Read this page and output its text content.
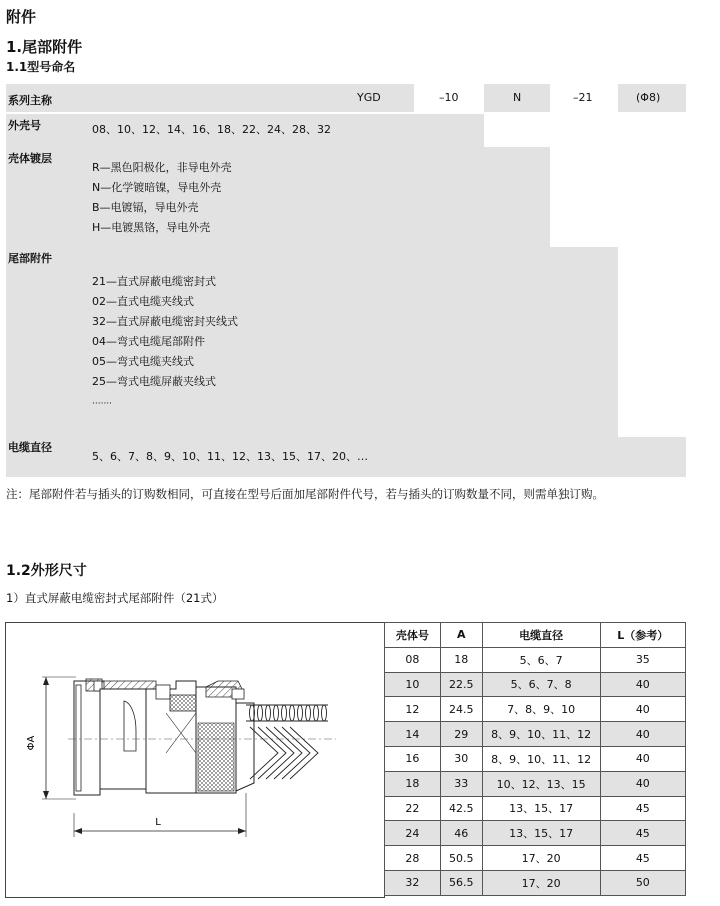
附件
1.尾部附件
1.1型号命名
系列主称	YGD	–10	N	–21	(Φ8)
外壳号	08、10、12、14、16、18、22、24、28、32
壳体镀层
R—黑色阳极化，非导电外壳
N—化学镀暗镍，导电外壳
B—电镀镉，导电外壳
H—电镀黑铬，导电外壳
尾部附件
21—直式屏蔽电缆密封式
02—直式电缆夹线式
32—直式屏蔽电缆密封夹线式
04—弯式电缆尾部附件
05—弯式电缆夹线式
25—弯式电缆屏蔽夹线式
·······
电缆直径
5、6、7、8、9、10、11、12、13、15、17、20、…
注：尾部附件若与插头的订购数相同，可直接在型号后面加尾部附件代号，若与插头的订购数量不同，则需单独订购。
1.2外形尺寸
1）直式屏蔽电缆密封式尾部附件（21式）
ΦA
L
壳体号	A	电缆直径	L（参考）
08	18	5、6、7	35
10	22.5	5、6、7、8	40
12	24.5	7、8、9、10	40
14	29	8、9、10、11、12	40
16	30	8、9、10、11、12	40
18	33	10、12、13、15	40
22	42.5	13、15、17	45
24	46	13、15、17	45
28	50.5	17、20	45
32	56.5	17、20	50
